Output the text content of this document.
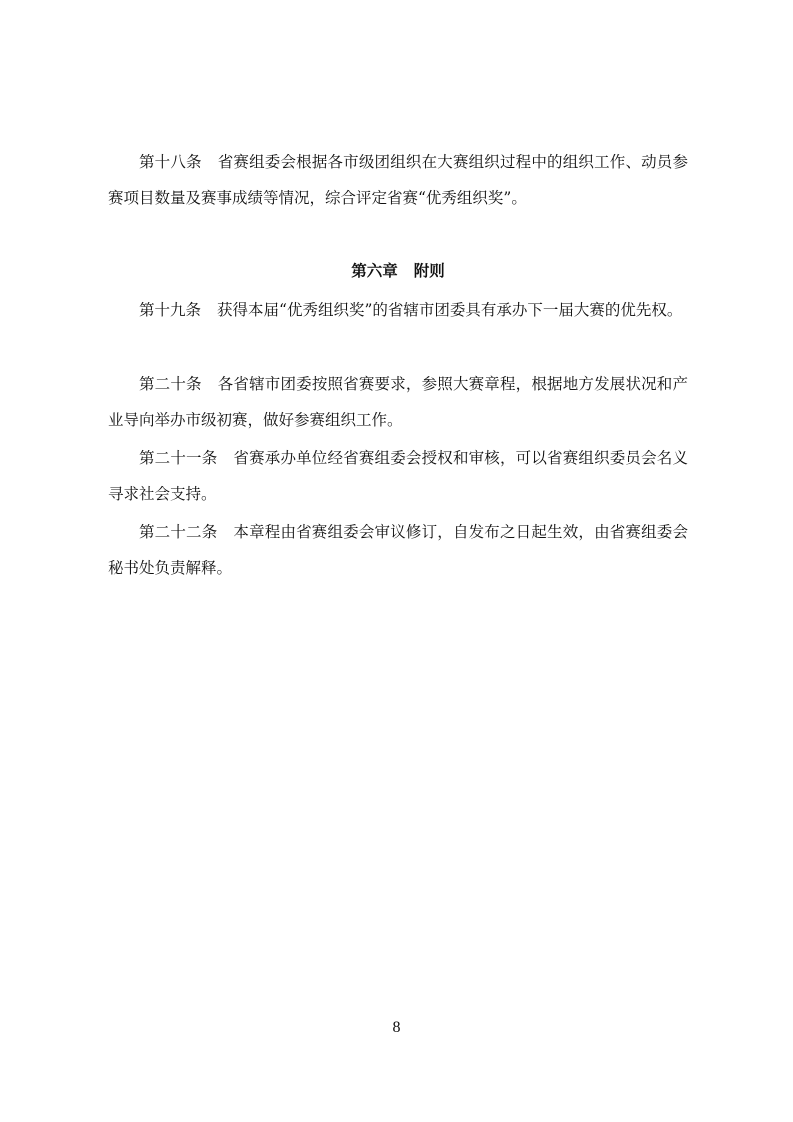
第十八条 省赛组委会根据各市级团组织在大赛组织过程中的组织工作、动员参赛项目数量及赛事成绩等情况，综合评定省赛“优秀组织奖”。

第六章 附则

第十九条 获得本届“优秀组织奖”的省辖市团委具有承办下一届大赛的优先权。

第二十条 各省辖市团委按照省赛要求，参照大赛章程，根据地方发展状况和产业导向举办市级初赛，做好参赛组织工作。

第二十一条 省赛承办单位经省赛组委会授权和审核，可以省赛组织委员会名义寻求社会支持。

第二十二条 本章程由省赛组委会审议修订，自发布之日起生效，由省赛组委会秘书处负责解释。

8
